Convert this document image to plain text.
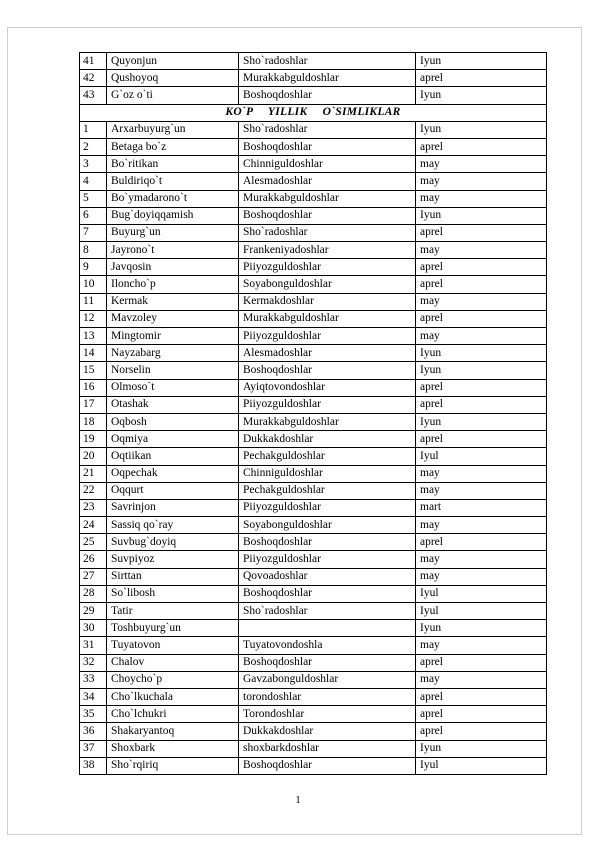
41	Quyonjun	Sho`radoshlar	Iyun
42	Qushoyoq	Murakkabguldoshlar	aprel
43	G`oz o`ti	Boshoqdoshlar	Iyun
KO`P YILLIK O`SIMLIKLAR			
1	Arxarbuyurg`un	Sho`radoshlar	Iyun
2	Betaga bo`z	Boshoqdoshlar	aprel
3	Bo`ritikan	Chinniguldoshlar	may
4	Buldiriqo`t	Alesmadoshlar	may
5	Bo`ymadarono`t	Murakkabguldoshlar	may
6	Bug`doyiqqamish	Boshoqdoshlar	Iyun
7	Buyurg`un	Sho`radoshlar	aprel
8	Jayrono`t	Frankeniyadoshlar	may
9	Javqosin	Piiyozguldoshlar	aprel
10	Ilonchо`p	Soyabonguldoshlar	aprel
11	Kermak	Kermakdoshlar	may
12	Mavzoley	Murakkabguldoshlar	aprel
13	Mingtomir	Piiyozguldoshlar	may
14	Nayzabarg	Alesmadoshlar	Iyun
15	Norselin	Boshoqdoshlar	Iyun
16	Olmoso`t	Ayiqtovondoshlar	aprel
17	Otashak	Piiyozguldoshlar	aprel
18	Oqbosh	Murakkabguldoshlar	Iyun
19	Oqmiya	Dukkakdoshlar	aprel
20	Oqtiikan	Pechakguldoshlar	Iyul
21	Oqpechak	Chinniguldoshlar	may
22	Oqqurt	Pechakguldoshlar	may
23	Savrinjon	Piiyozguldoshlar	mart
24	Sassiq qo`ray	Soyabonguldoshlar	may
25	Suvbug`doyiq	Boshoqdoshlar	aprel
26	Suvpiyoz	Piiyozguldoshlar	may
27	Sirttan	Qovoadoshlar	may
28	So`libosh	Boshoqdoshlar	Iyul
29	Tatir	Sho`radoshlar	Iyul
30	Toshbuyurg`un		Iyun
31	Tuyatovon	Tuyatovondoshla	may
32	Chalov	Boshoqdoshlar	aprel
33	Choycho`p	Gavzabonguldoshlar	may
34	Cho`lkuchala	torondoshlar	aprel
35	Cho`lchukri	Torondoshlar	aprel
36	Shakaryantoq	Dukkakdoshlar	aprel
37	Shoxbark	shoxbarkdoshlar	Iyun
38	Sho`rqiriq	Boshoqdoshlar	Iyul
1
